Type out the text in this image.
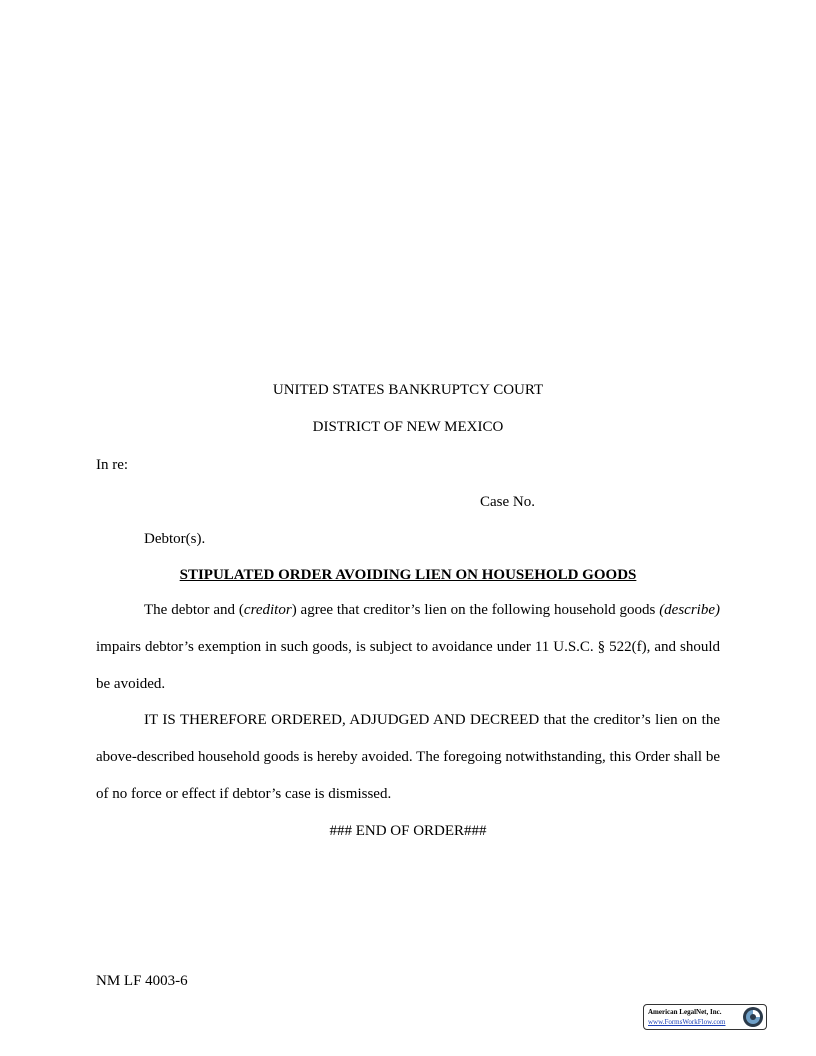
UNITED STATES BANKRUPTCY COURT
DISTRICT OF NEW MEXICO
In re:
Case No.
Debtor(s).
STIPULATED ORDER AVOIDING LIEN ON HOUSEHOLD GOODS

The debtor and (creditor) agree that creditor’s lien on the following household goods (describe) impairs debtor’s exemption in such goods, is subject to avoidance under 11 U.S.C. § 522(f), and should be avoided.

IT IS THEREFORE ORDERED, ADJUDGED AND DECREED that the creditor’s lien on the above-described household goods is hereby avoided. The foregoing notwithstanding, this Order shall be of no force or effect if debtor’s case is dismissed.

### END OF ORDER###
NM LF 4003-6
American LegalNet, Inc.
www.FormsWorkFlow.com
